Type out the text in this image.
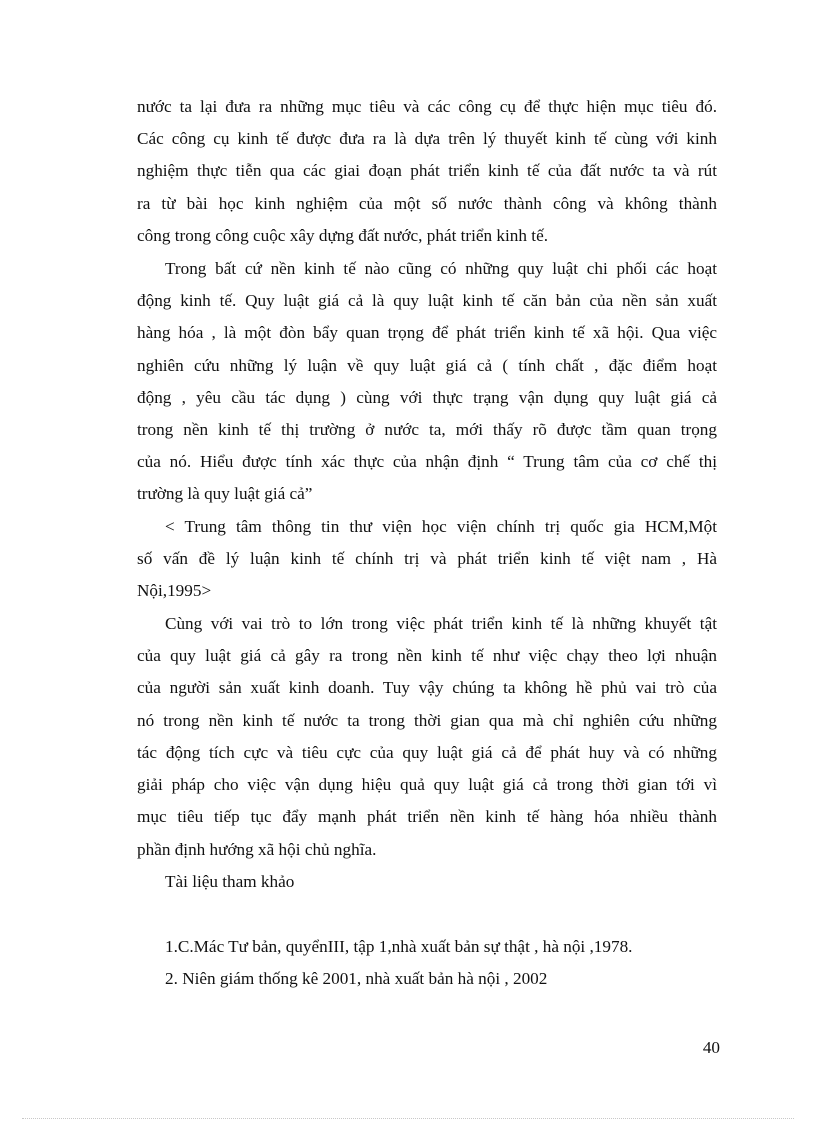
nước ta lại đưa ra những mục tiêu và các công cụ để thực hiện mục tiêu đó.
Các công cụ kinh tế được đưa ra là dựa trên lý thuyết kinh tế cùng với kinh
nghiệm thực tiễn qua các giai đoạn phát triển kinh tế của đất nước ta và rút
ra từ bài học kinh nghiệm của một số nước thành công và không thành
công trong công cuộc xây dựng đất nước, phát triển kinh tế.
Trong bất cứ nền kinh tế nào cũng có những quy luật chi phối các hoạt
động kinh tế. Quy luật giá cả là quy luật kinh tế căn bản của nền sản xuất
hàng hóa , là một đòn bẩy quan trọng để phát triển kinh tế xã hội. Qua việc
nghiên cứu những lý luận về quy luật giá cả ( tính chất , đặc điểm hoạt
động , yêu cầu tác dụng ) cùng với thực trạng vận dụng quy luật giá cả
trong nền kinh tế thị trường ở nước ta, mới thấy rõ được tầm quan trọng
của nó. Hiểu được tính xác thực của nhận định “ Trung tâm của cơ chế thị
trường là quy luật giá cả”
< Trung tâm thông tin thư viện học viện chính trị quốc gia HCM,Một
số vấn đề lý luận kinh tế chính trị và phát triển kinh tế việt nam , Hà
Nội,1995>
Cùng với vai trò to lớn trong việc phát triển kinh tế là những khuyết tật
của quy luật giá cả gây ra trong nền kinh tế như việc chạy theo lợi nhuận
của người sản xuất kinh doanh. Tuy vậy chúng ta không hề phủ vai trò của
nó trong nền kinh tế nước ta trong thời gian qua mà chỉ nghiên cứu những
tác động tích cực và tiêu cực của quy luật giá cả để phát huy và có những
giải pháp cho việc vận dụng hiệu quả quy luật giá cả trong thời gian tới vì
mục tiêu tiếp tục đẩy mạnh phát triển nền kinh tế hàng hóa nhiều thành
phần định hướng xã hội chủ nghĩa.
Tài liệu tham khảo
1.C.Mác Tư bản, quyểnIII, tập 1,nhà xuất bản sự thật , hà nội ,1978.
2. Niên giám thống kê 2001, nhà xuất bản hà nội , 2002
40
